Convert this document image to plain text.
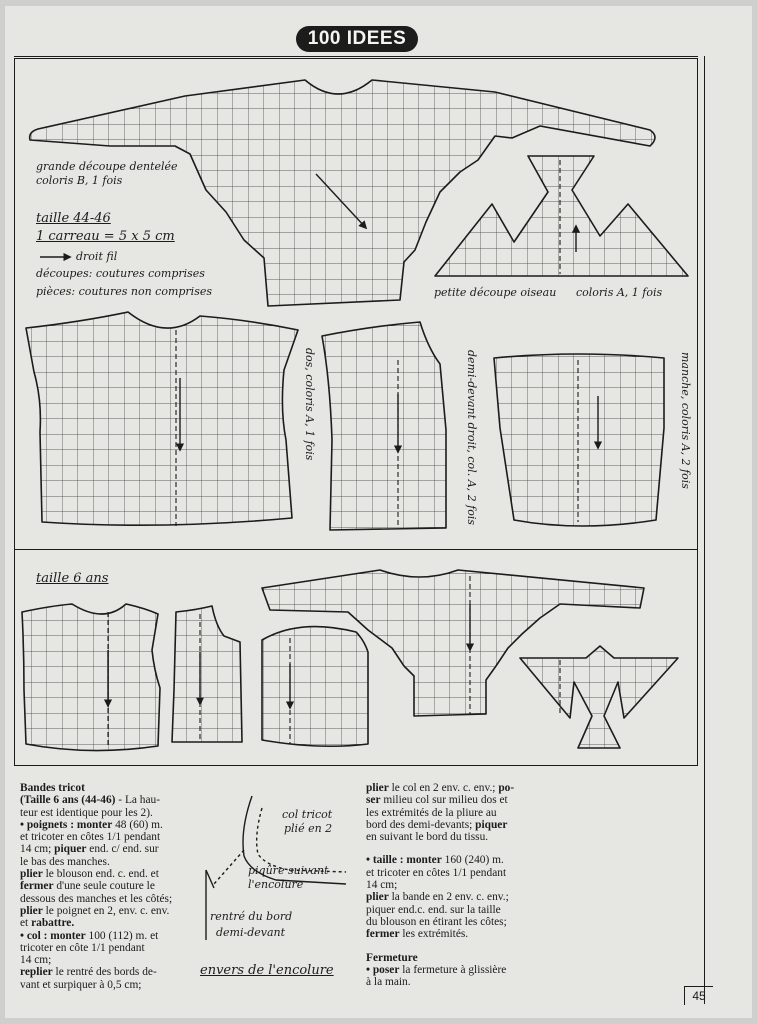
100 IDEES
grande découpe dentelée
coloris B, 1 fois
taille 44-46
1 carreau = 5 x 5 cm
droit fil
découpes: coutures comprises
pièces: coutures non comprises	petite découpe oiseau coloris A, 1 fois
dos, coloris A, 1 fois	demi-devant droit, col. A, 2 fois	manche, coloris A, 2 fois
taille 6 ans
col tricot
plié en 2
piqûre suivant
l'encolure
rentré du bord
demi-devant
envers de l'encolure

Bandes tricot

(Taille 6 ans (44-46) - La hau-

teur est identique pour les 2).

• poignets : monter 48 (60) m.

et tricoter en côtes 1/1 pendant

14 cm; piquer end. c/ end. sur

le bas des manches.

plier le blouson end. c. end. et

fermer d'une seule couture le

dessous des manches et les côtés;

plier le poignet en 2, env. c. env.

et rabattre.

• col : monter 100 (112) m. et

tricoter en côte 1/1 pendant

14 cm;

replier le rentré des bords de-

vant et surpiquer à 0,5 cm;

plier le col en 2 env. c. env.; po-

ser milieu col sur milieu dos et

les extrémités de la pliure au

bord des demi-devants; piquer

en suivant le bord du tissu.

• taille : monter 160 (240) m.

et tricoter en côtes 1/1 pendant

14 cm;

plier la bande en 2 env. c. env.;

piquer end.c. end. sur la taille

du blouson en étirant les côtes;

fermer les extrémités.

Fermeture

• poser la fermeture à glissière

à la main.

45
